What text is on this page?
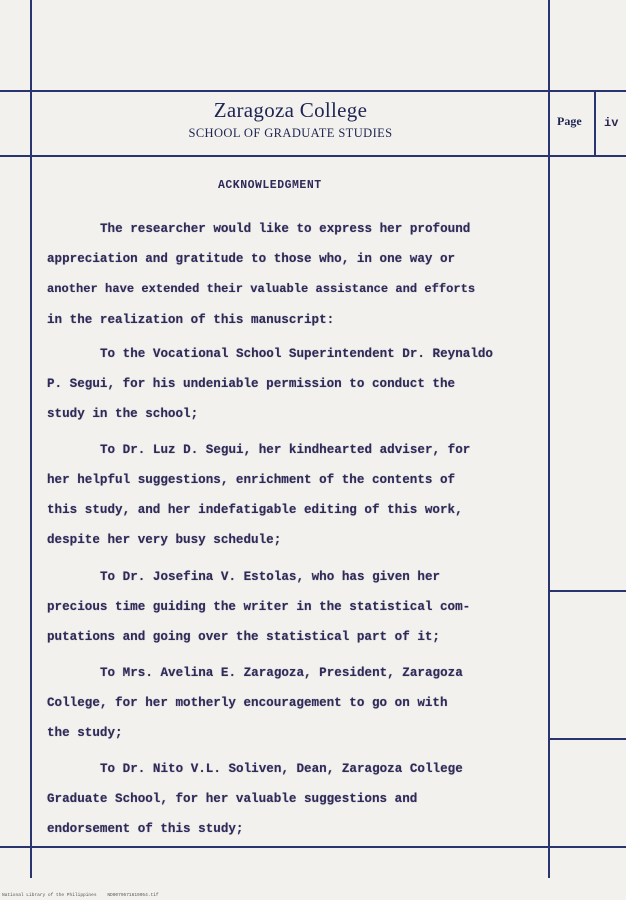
Zaragoza College
SCHOOL OF GRADUATE STUDIES
Page iv
ACKNOWLEDGMENT
The researcher would like to express her profound
appreciation and gratitude to those who, in one way or
another have extended their valuable assistance and efforts
in the realization of this manuscript:
To the Vocational School Superintendent Dr. Reynaldo
P. Segui, for his undeniable permission to conduct the
study in the school;
To Dr. Luz D. Segui, her kindhearted adviser, for
her helpful suggestions, enrichment of the contents of
this study, and her indefatigable editing of this work,
despite her very busy schedule;
To Dr. Josefina V. Estolas, who has given her
precious time guiding the writer in the statistical com-
putations and going over the statistical part of it;
To Mrs. Avelina E. Zaragoza, President, Zaragoza
College, for her motherly encouragement to go on with
the study;
To Dr. Nito V.L. Soliven, Dean, Zaragoza College
Graduate School, for her valuable suggestions and
endorsement of this study;
National Library of the Philippines    ND0079671619054.tif
